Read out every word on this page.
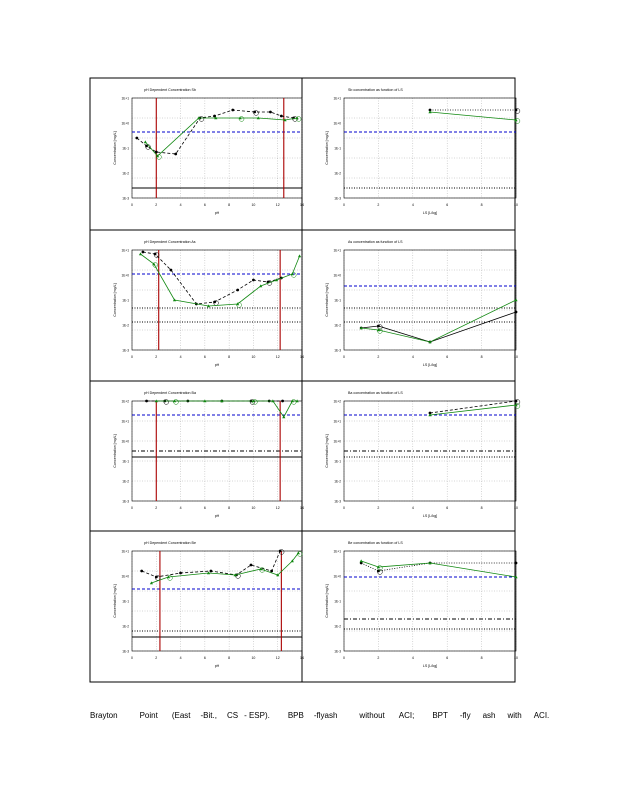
0	2	4	6	8	10	12	14
1E+1
1E+0
1E-1
1E-2
1E-3
pH Dependent Concentration Sb
pH
Concentration [mg/L]
0	2	4	6	8	10
1E+1
1E+0
1E-1
1E-2
1E-3
Sb concentration as function of LS
LS [L/kg]
Concentration [mg/L]
0	2	4	6	8	10	12	14
1E+1
1E+0
1E-1
1E-2
1E-3
pH Dependent Concentration As
pH
Concentration [mg/L]
0	2	4	6	8	10
1E+1
1E+0
1E-1
1E-2
1E-3
As concentration as function of LS
LS [L/kg]
Concentration [mg/L]
0	2	4	6	8	10	12	14
1E+2
1E+1
1E+0
1E-1
1E-2
1E-3
pH Dependent Concentration Ba
pH
Concentration [mg/L]
0	2	4	6	8	10
1E+2
1E+1
1E+0
1E-1
1E-2
1E-3
Ba concentration as function of LS
LS [L/kg]
Concentration [mg/L]
0	2	4	6	8	10	12	14
1E+1
1E+0
1E-1
1E-2
1E-3
pH Dependent Concentration Be
pH
Concentration [mg/L]
0	2	4	6	8	10
1E+1
1E+0
1E-1
1E-2
1E-3
Be concentration as function of LS
LS [L/kg]
Concentration [mg/L]
Brayton	Point (East -Bit., CS - ESP). BPB -flyash	without ACI; BPT -fly ash with ACI.
